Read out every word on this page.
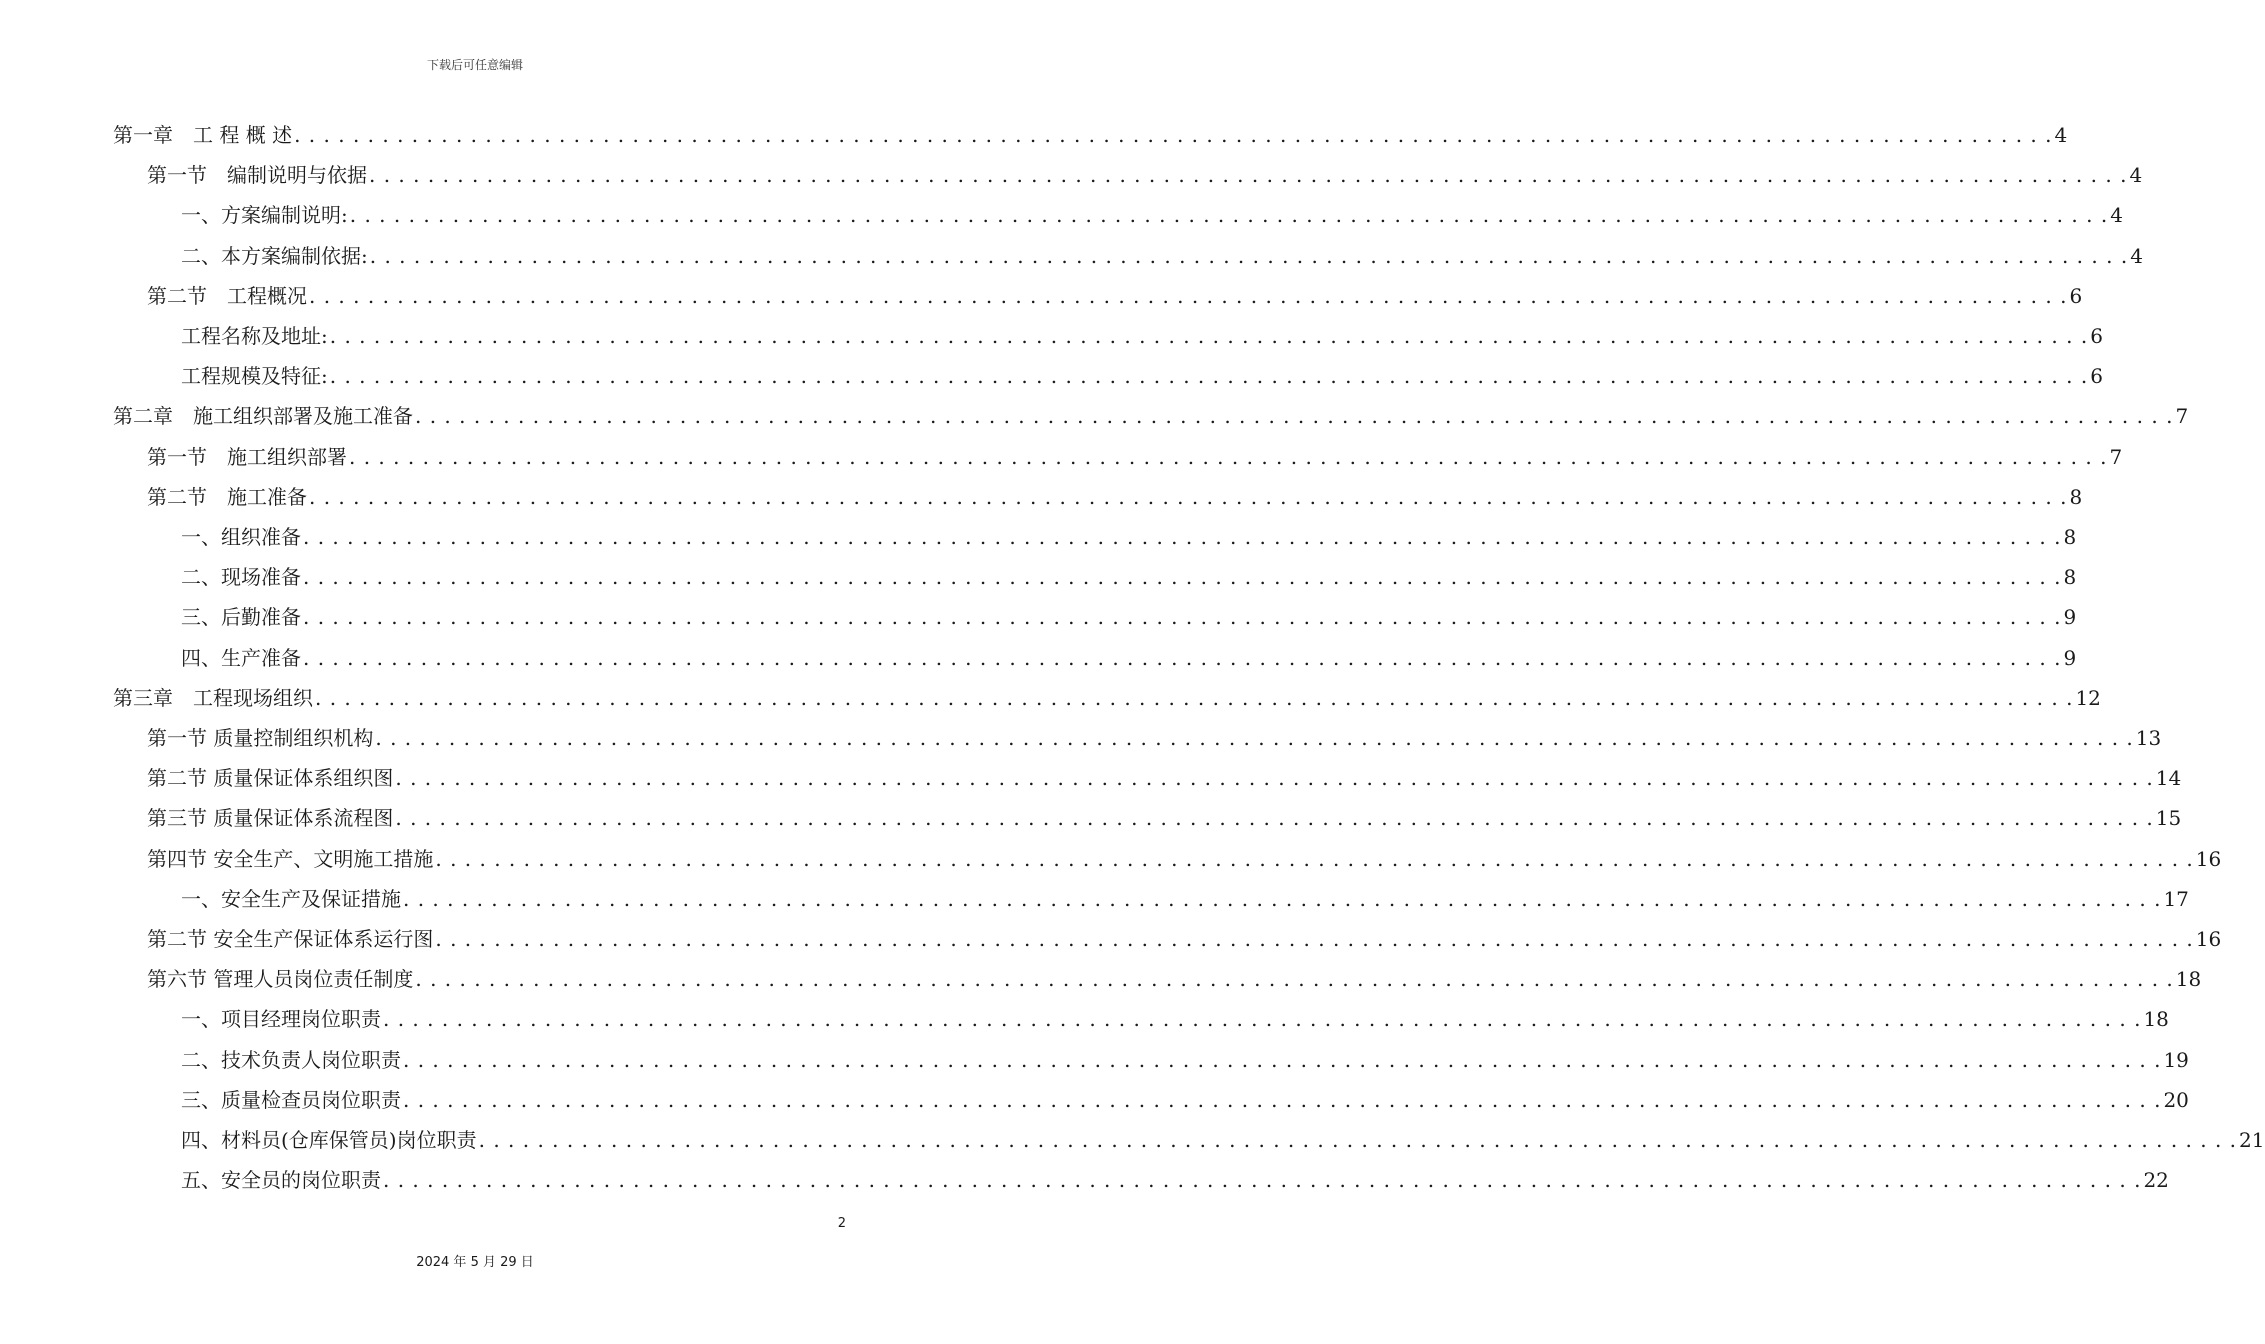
下载后可任意编辑
第一章　工 程 概 述 . . . . . . . . . . . . . . . . . . . . . . . . . . . . . . . . . . . . . . . . . . . . . . . . . . . . . . . . . . . . . . . . . . . . . . . . . . . . . . . . . . . . . . . . . . . . . . . . . . . . . . . . . . . . . . . . . . . . . . . . 4
第一节　编制说明与依据 . . . . . . . . . . . . . . . . . . . . . . . . . . . . . . . . . . . . . . . . . . . . . . . . . . . . . . . . . . . . . . . . . . . . . . . . . . . . . . . . . . . . . . . . . . . . . . . . . . . . . . . . . . . . . . . . . . . . . . . . 4
一、方案编制说明: . . . . . . . . . . . . . . . . . . . . . . . . . . . . . . . . . . . . . . . . . . . . . . . . . . . . . . . . . . . . . . . . . . . . . . . . . . . . . . . . . . . . . . . . . . . . . . . . . . . . . . . . . . . . . . . . . . . . . . . . 4
二、本方案编制依据: . . . . . . . . . . . . . . . . . . . . . . . . . . . . . . . . . . . . . . . . . . . . . . . . . . . . . . . . . . . . . . . . . . . . . . . . . . . . . . . . . . . . . . . . . . . . . . . . . . . . . . . . . . . . . . . . . . . . . . . . 4
第二节　工程概况 . . . . . . . . . . . . . . . . . . . . . . . . . . . . . . . . . . . . . . . . . . . . . . . . . . . . . . . . . . . . . . . . . . . . . . . . . . . . . . . . . . . . . . . . . . . . . . . . . . . . . . . . . . . . . . . . . . . . . . . . 6
工程名称及地址: . . . . . . . . . . . . . . . . . . . . . . . . . . . . . . . . . . . . . . . . . . . . . . . . . . . . . . . . . . . . . . . . . . . . . . . . . . . . . . . . . . . . . . . . . . . . . . . . . . . . . . . . . . . . . . . . . . . . . . . . 6
工程规模及特征: . . . . . . . . . . . . . . . . . . . . . . . . . . . . . . . . . . . . . . . . . . . . . . . . . . . . . . . . . . . . . . . . . . . . . . . . . . . . . . . . . . . . . . . . . . . . . . . . . . . . . . . . . . . . . . . . . . . . . . . . 6
第二章　施工组织部署及施工准备 . . . . . . . . . . . . . . . . . . . . . . . . . . . . . . . . . . . . . . . . . . . . . . . . . . . . . . . . . . . . . . . . . . . . . . . . . . . . . . . . . . . . . . . . . . . . . . . . . . . . . . . . . . . . . . . . . . . . . . . . 7
第一节　施工组织部署 . . . . . . . . . . . . . . . . . . . . . . . . . . . . . . . . . . . . . . . . . . . . . . . . . . . . . . . . . . . . . . . . . . . . . . . . . . . . . . . . . . . . . . . . . . . . . . . . . . . . . . . . . . . . . . . . . . . . . . . . 7
第二节　施工准备 . . . . . . . . . . . . . . . . . . . . . . . . . . . . . . . . . . . . . . . . . . . . . . . . . . . . . . . . . . . . . . . . . . . . . . . . . . . . . . . . . . . . . . . . . . . . . . . . . . . . . . . . . . . . . . . . . . . . . . . . 8
一、组织准备 . . . . . . . . . . . . . . . . . . . . . . . . . . . . . . . . . . . . . . . . . . . . . . . . . . . . . . . . . . . . . . . . . . . . . . . . . . . . . . . . . . . . . . . . . . . . . . . . . . . . . . . . . . . . . . . . . . . . . . . . 8
二、现场准备 . . . . . . . . . . . . . . . . . . . . . . . . . . . . . . . . . . . . . . . . . . . . . . . . . . . . . . . . . . . . . . . . . . . . . . . . . . . . . . . . . . . . . . . . . . . . . . . . . . . . . . . . . . . . . . . . . . . . . . . . 8
三、后勤准备 . . . . . . . . . . . . . . . . . . . . . . . . . . . . . . . . . . . . . . . . . . . . . . . . . . . . . . . . . . . . . . . . . . . . . . . . . . . . . . . . . . . . . . . . . . . . . . . . . . . . . . . . . . . . . . . . . . . . . . . . 9
四、生产准备 . . . . . . . . . . . . . . . . . . . . . . . . . . . . . . . . . . . . . . . . . . . . . . . . . . . . . . . . . . . . . . . . . . . . . . . . . . . . . . . . . . . . . . . . . . . . . . . . . . . . . . . . . . . . . . . . . . . . . . . . 9
第三章　工程现场组织 . . . . . . . . . . . . . . . . . . . . . . . . . . . . . . . . . . . . . . . . . . . . . . . . . . . . . . . . . . . . . . . . . . . . . . . . . . . . . . . . . . . . . . . . . . . . . . . . . . . . . . . . . . . . . . . . . . . . . . . . 12
第一节 质量控制组织机构 . . . . . . . . . . . . . . . . . . . . . . . . . . . . . . . . . . . . . . . . . . . . . . . . . . . . . . . . . . . . . . . . . . . . . . . . . . . . . . . . . . . . . . . . . . . . . . . . . . . . . . . . . . . . . . . . . . . . . . . . 13
第二节 质量保证体系组织图 . . . . . . . . . . . . . . . . . . . . . . . . . . . . . . . . . . . . . . . . . . . . . . . . . . . . . . . . . . . . . . . . . . . . . . . . . . . . . . . . . . . . . . . . . . . . . . . . . . . . . . . . . . . . . . . . . . . . . . . . 14
第三节 质量保证体系流程图 . . . . . . . . . . . . . . . . . . . . . . . . . . . . . . . . . . . . . . . . . . . . . . . . . . . . . . . . . . . . . . . . . . . . . . . . . . . . . . . . . . . . . . . . . . . . . . . . . . . . . . . . . . . . . . . . . . . . . . . . 15
第四节 安全生产、文明施工措施 . . . . . . . . . . . . . . . . . . . . . . . . . . . . . . . . . . . . . . . . . . . . . . . . . . . . . . . . . . . . . . . . . . . . . . . . . . . . . . . . . . . . . . . . . . . . . . . . . . . . . . . . . . . . . . . . . . . . . . . . 16
一、安全生产及保证措施 . . . . . . . . . . . . . . . . . . . . . . . . . . . . . . . . . . . . . . . . . . . . . . . . . . . . . . . . . . . . . . . . . . . . . . . . . . . . . . . . . . . . . . . . . . . . . . . . . . . . . . . . . . . . . . . . . . . . . . . . 17
第二节 安全生产保证体系运行图 . . . . . . . . . . . . . . . . . . . . . . . . . . . . . . . . . . . . . . . . . . . . . . . . . . . . . . . . . . . . . . . . . . . . . . . . . . . . . . . . . . . . . . . . . . . . . . . . . . . . . . . . . . . . . . . . . . . . . . . . 16
第六节 管理人员岗位责任制度 . . . . . . . . . . . . . . . . . . . . . . . . . . . . . . . . . . . . . . . . . . . . . . . . . . . . . . . . . . . . . . . . . . . . . . . . . . . . . . . . . . . . . . . . . . . . . . . . . . . . . . . . . . . . . . . . . . . . . . . . 18
一、项目经理岗位职责 . . . . . . . . . . . . . . . . . . . . . . . . . . . . . . . . . . . . . . . . . . . . . . . . . . . . . . . . . . . . . . . . . . . . . . . . . . . . . . . . . . . . . . . . . . . . . . . . . . . . . . . . . . . . . . . . . . . . . . . . 18
二、技术负责人岗位职责 . . . . . . . . . . . . . . . . . . . . . . . . . . . . . . . . . . . . . . . . . . . . . . . . . . . . . . . . . . . . . . . . . . . . . . . . . . . . . . . . . . . . . . . . . . . . . . . . . . . . . . . . . . . . . . . . . . . . . . . . 19
三、质量检查员岗位职责 . . . . . . . . . . . . . . . . . . . . . . . . . . . . . . . . . . . . . . . . . . . . . . . . . . . . . . . . . . . . . . . . . . . . . . . . . . . . . . . . . . . . . . . . . . . . . . . . . . . . . . . . . . . . . . . . . . . . . . . . 20
四、材料员(仓库保管员)岗位职责 . . . . . . . . . . . . . . . . . . . . . . . . . . . . . . . . . . . . . . . . . . . . . . . . . . . . . . . . . . . . . . . . . . . . . . . . . . . . . . . . . . . . . . . . . . . . . . . . . . . . . . . . . . . . . . . . . . . . . . . . 21
五、安全员的岗位职责 . . . . . . . . . . . . . . . . . . . . . . . . . . . . . . . . . . . . . . . . . . . . . . . . . . . . . . . . . . . . . . . . . . . . . . . . . . . . . . . . . . . . . . . . . . . . . . . . . . . . . . . . . . . . . . . . . . . . . . . . 22
2
2024 年 5 月 29 日
